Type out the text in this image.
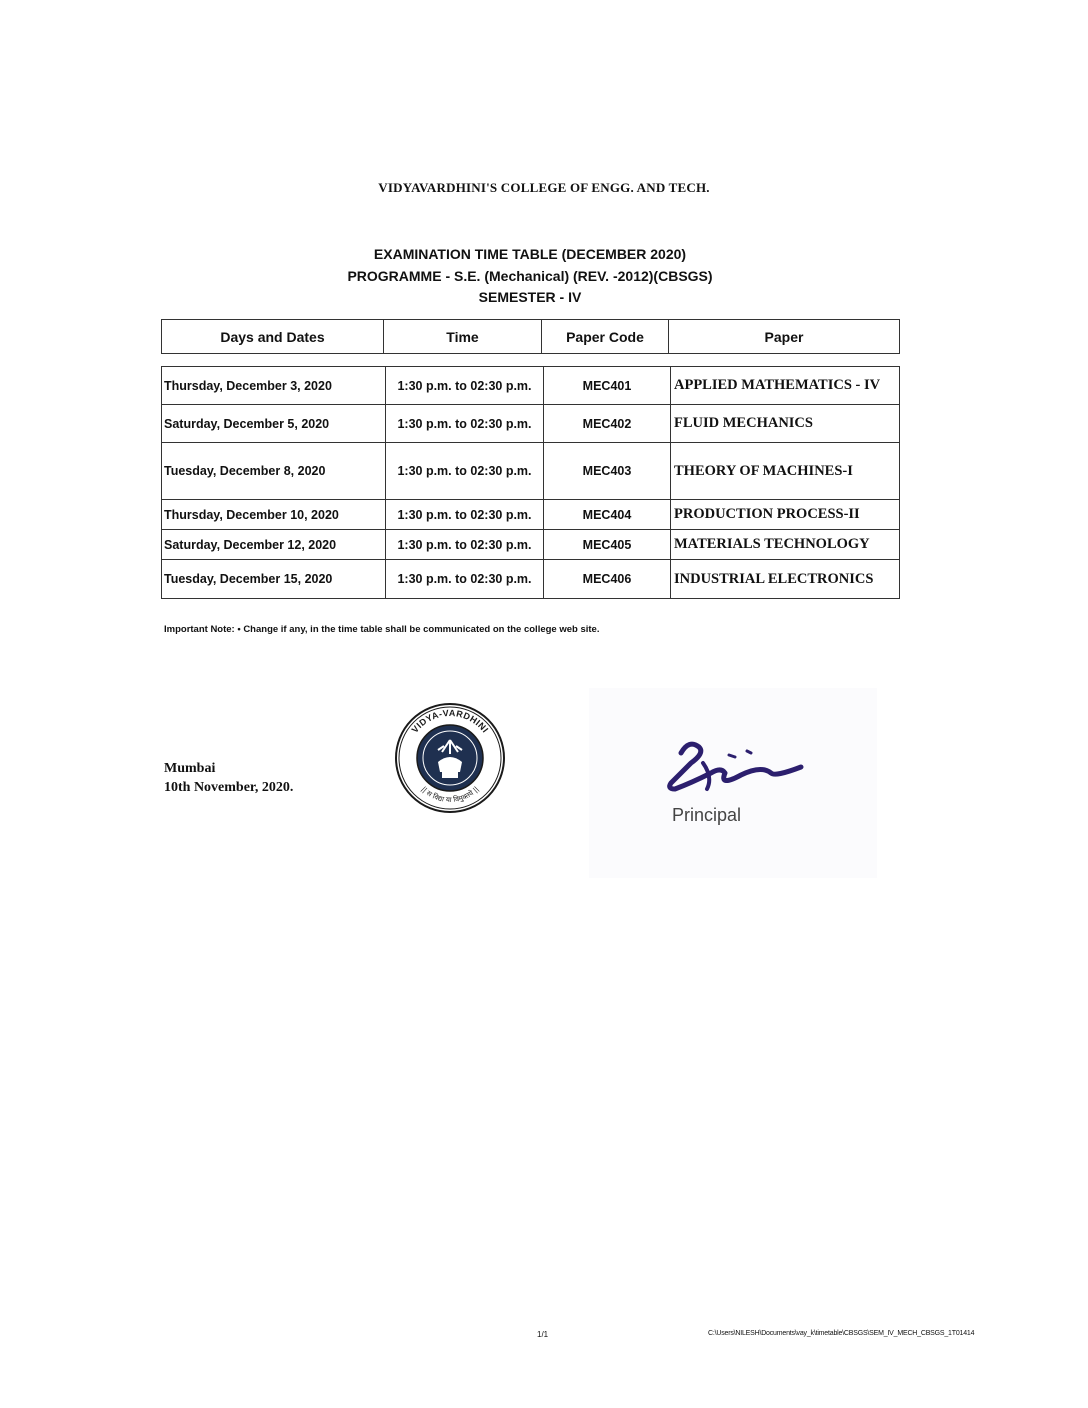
VIDYAVARDHINI'S COLLEGE OF ENGG. AND TECH.
EXAMINATION TIME TABLE (DECEMBER 2020)
PROGRAMME - S.E. (Mechanical) (REV. -2012)(CBSGS)
SEMESTER - IV
Days and Dates	Time	Paper Code	Paper
Thursday, December 3, 2020	1:30 p.m. to 02:30 p.m.	MEC401	APPLIED MATHEMATICS - IV
Saturday, December 5, 2020	1:30 p.m. to 02:30 p.m.	MEC402	FLUID MECHANICS
Tuesday, December 8, 2020	1:30 p.m. to 02:30 p.m.	MEC403	THEORY OF MACHINES-I
Thursday, December 10, 2020	1:30 p.m. to 02:30 p.m.	MEC404	PRODUCTION PROCESS-II
Saturday, December 12, 2020	1:30 p.m. to 02:30 p.m.	MEC405	MATERIALS TECHNOLOGY
Tuesday, December 15, 2020	1:30 p.m. to 02:30 p.m.	MEC406	INDUSTRIAL ELECTRONICS
Important Note: • Change if any, in the time table shall be communicated on the college web site.
Mumbai
10th November, 2020.
VIDYA-VARDHINI
|| स विद्या या विमुक्तये ||
Principal
1/1	C:\Users\NILESH\Documents\vay_k\timetable\CBSGS\SEM_IV_MECH_CBSGS_1T01414
